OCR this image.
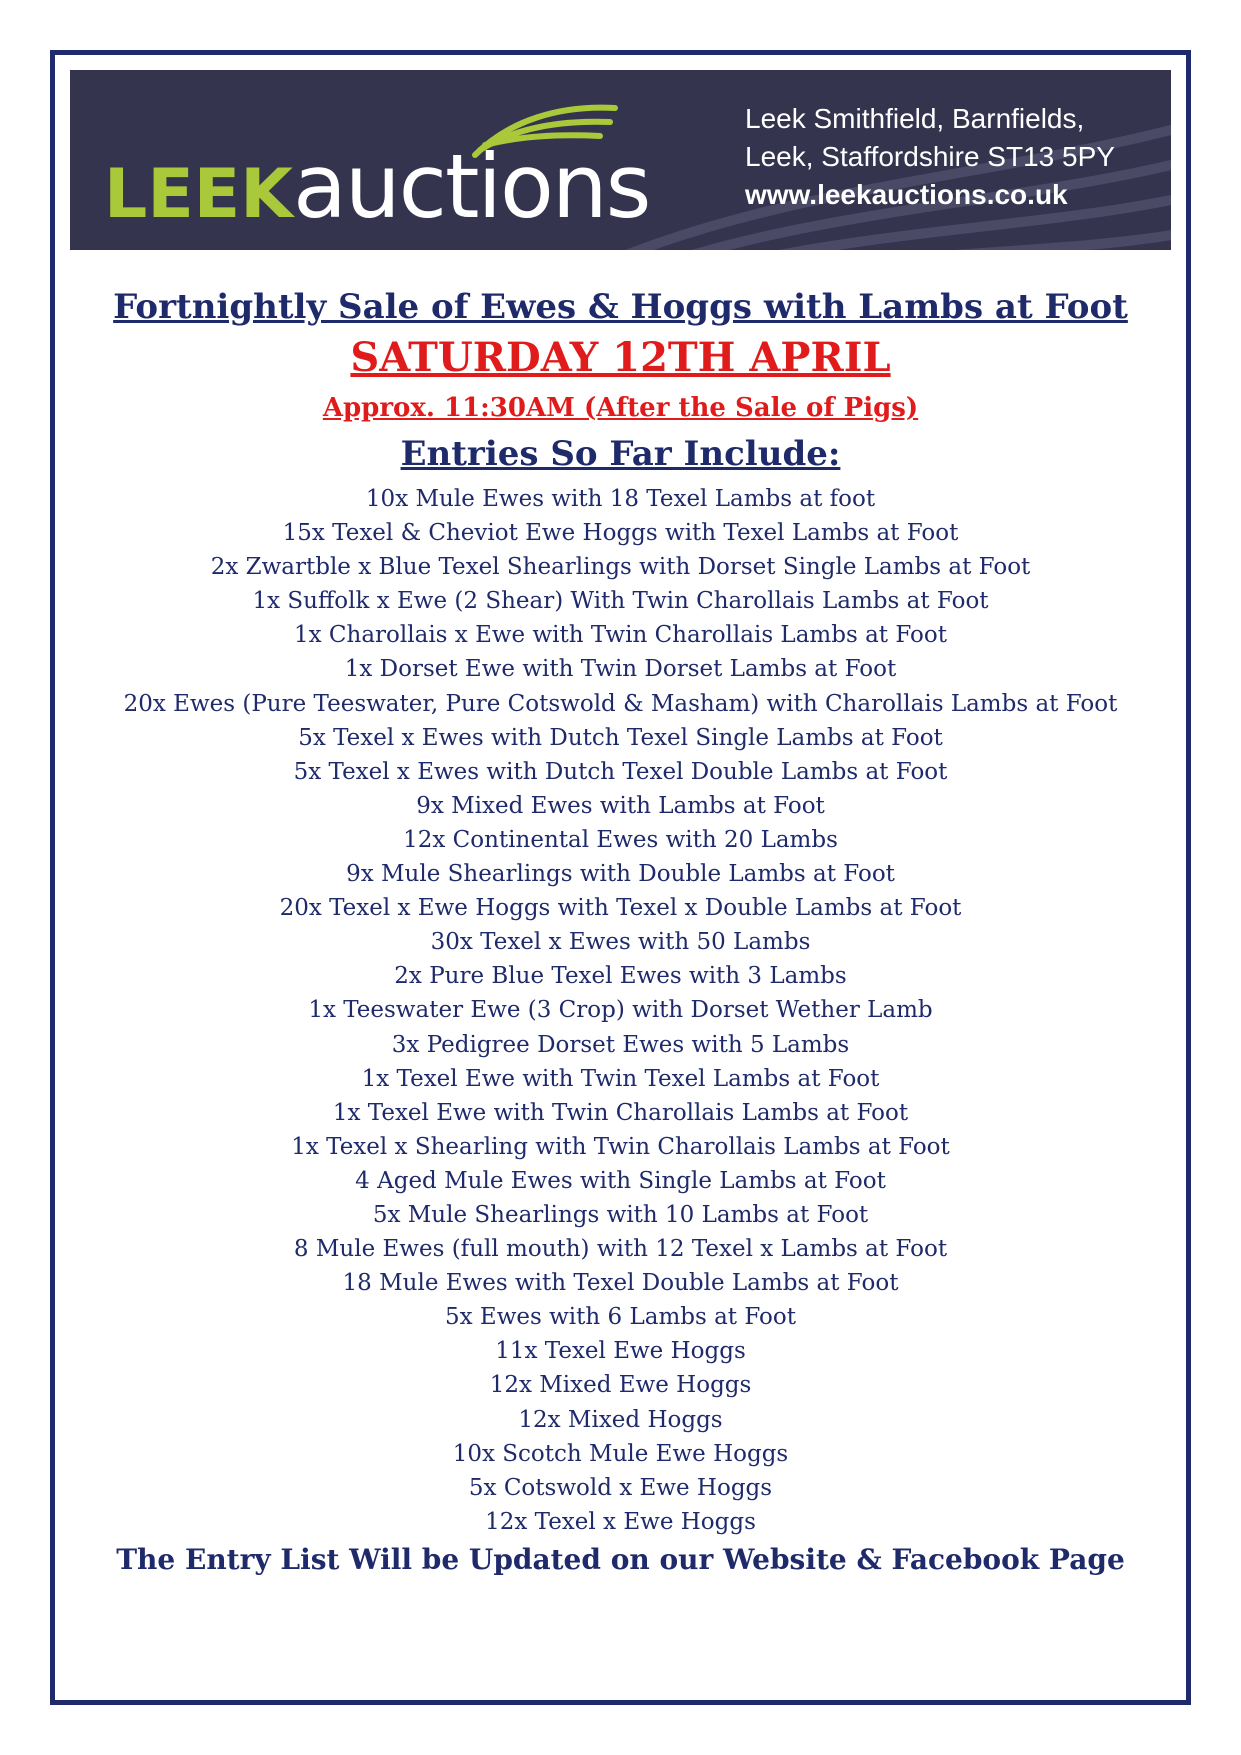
LEEKauctions
Leek Smithfield, Barnfields,
Leek, Staffordshire ST13 5PY
www.leekauctions.co.uk
Fortnightly Sale of Ewes & Hoggs with Lambs at Foot
SATURDAY 12TH APRIL
Approx. 11:30AM (After the Sale of Pigs)
Entries So Far Include:
10x Mule Ewes with 18 Texel Lambs at foot
15x Texel & Cheviot Ewe Hoggs with Texel Lambs at Foot
2x Zwartble x Blue Texel Shearlings with Dorset Single Lambs at Foot
1x Suffolk x Ewe (2 Shear) With Twin Charollais Lambs at Foot
1x Charollais x Ewe with Twin Charollais Lambs at Foot
1x Dorset Ewe with Twin Dorset Lambs at Foot
20x Ewes (Pure Teeswater, Pure Cotswold & Masham) with Charollais Lambs at Foot
5x Texel x Ewes with Dutch Texel Single Lambs at Foot
5x Texel x Ewes with Dutch Texel Double Lambs at Foot
9x Mixed Ewes with Lambs at Foot
12x Continental Ewes with 20 Lambs
9x Mule Shearlings with Double Lambs at Foot
20x Texel x Ewe Hoggs with Texel x Double Lambs at Foot
30x Texel x Ewes with 50 Lambs
2x Pure Blue Texel Ewes with 3 Lambs
1x Teeswater Ewe (3 Crop) with Dorset Wether Lamb
3x Pedigree Dorset Ewes with 5 Lambs
1x Texel Ewe with Twin Texel Lambs at Foot
1x Texel Ewe with Twin Charollais Lambs at Foot
1x Texel x Shearling with Twin Charollais Lambs at Foot
4 Aged Mule Ewes with Single Lambs at Foot
5x Mule Shearlings with 10 Lambs at Foot
8 Mule Ewes (full mouth) with 12 Texel x Lambs at Foot
18 Mule Ewes with Texel Double Lambs at Foot
5x Ewes with 6 Lambs at Foot
11x Texel Ewe Hoggs
12x Mixed Ewe Hoggs
12x Mixed Hoggs
10x Scotch Mule Ewe Hoggs
5x Cotswold x Ewe Hoggs
12x Texel x Ewe Hoggs
The Entry List Will be Updated on our Website & Facebook Page
